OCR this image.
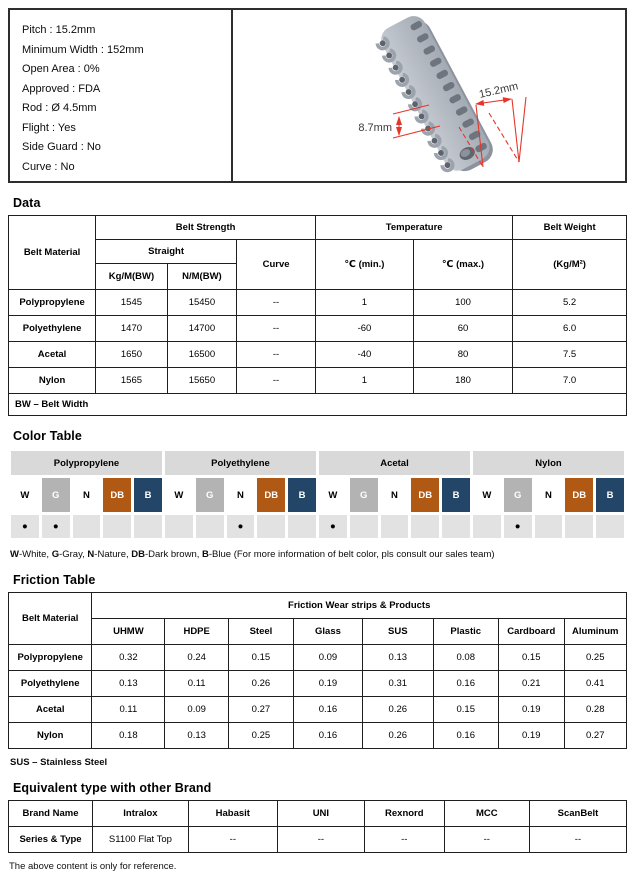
Pitch : 15.2mm
Minimum Width : 152mm
Open Area : 0%
Approved : FDA
Rod : Ø 4.5mm
Flight : Yes
Side Guard : No
Curve : No

8.7mm
15.2mm
Data
Belt Material	Belt Strength			Temperature		Belt Weight
	Straight		Curve	℃ (min.)	℃ (max.)	(Kg/M²)
	Kg/M(BW)	N/M(BW)				
Polypropylene	1545	15450	--	1	100	5.2
Polyethylene	1470	14700	--	-60	60	6.0
Acetal	1650	16500	--	-40	80	7.5
Nylon	1565	15650	--	1	180	7.0
BW – Belt Width						
Color Table
Polypropylene					Polyethylene					Acetal					Nylon				
W	G	N	DB	B	W	G	N	DB	B	W	G	N	DB	B	W	G	N	DB	B
●	●						●			●						●			
W-White, G-Gray, N-Nature, DB-Dark brown, B-Blue (For more information of belt color, pls consult our sales team)
Friction Table
Belt Material	Friction Wear strips & Products							
	UHMW	HDPE	Steel	Glass	SUS	Plastic	Cardboard	Aluminum
Polypropylene	0.32	0.24	0.15	0.09	0.13	0.08	0.15	0.25
Polyethylene	0.13	0.11	0.26	0.19	0.31	0.16	0.21	0.41
Acetal	0.11	0.09	0.27	0.16	0.26	0.15	0.19	0.28
Nylon	0.18	0.13	0.25	0.16	0.26	0.16	0.19	0.27
SUS – Stainless Steel
Equivalent type with other Brand
Brand Name	Intralox	Habasit	UNI	Rexnord	MCC	ScanBelt
Series & Type	S1100 Flat Top	--	--	--	--	--
The above content is only for reference.
